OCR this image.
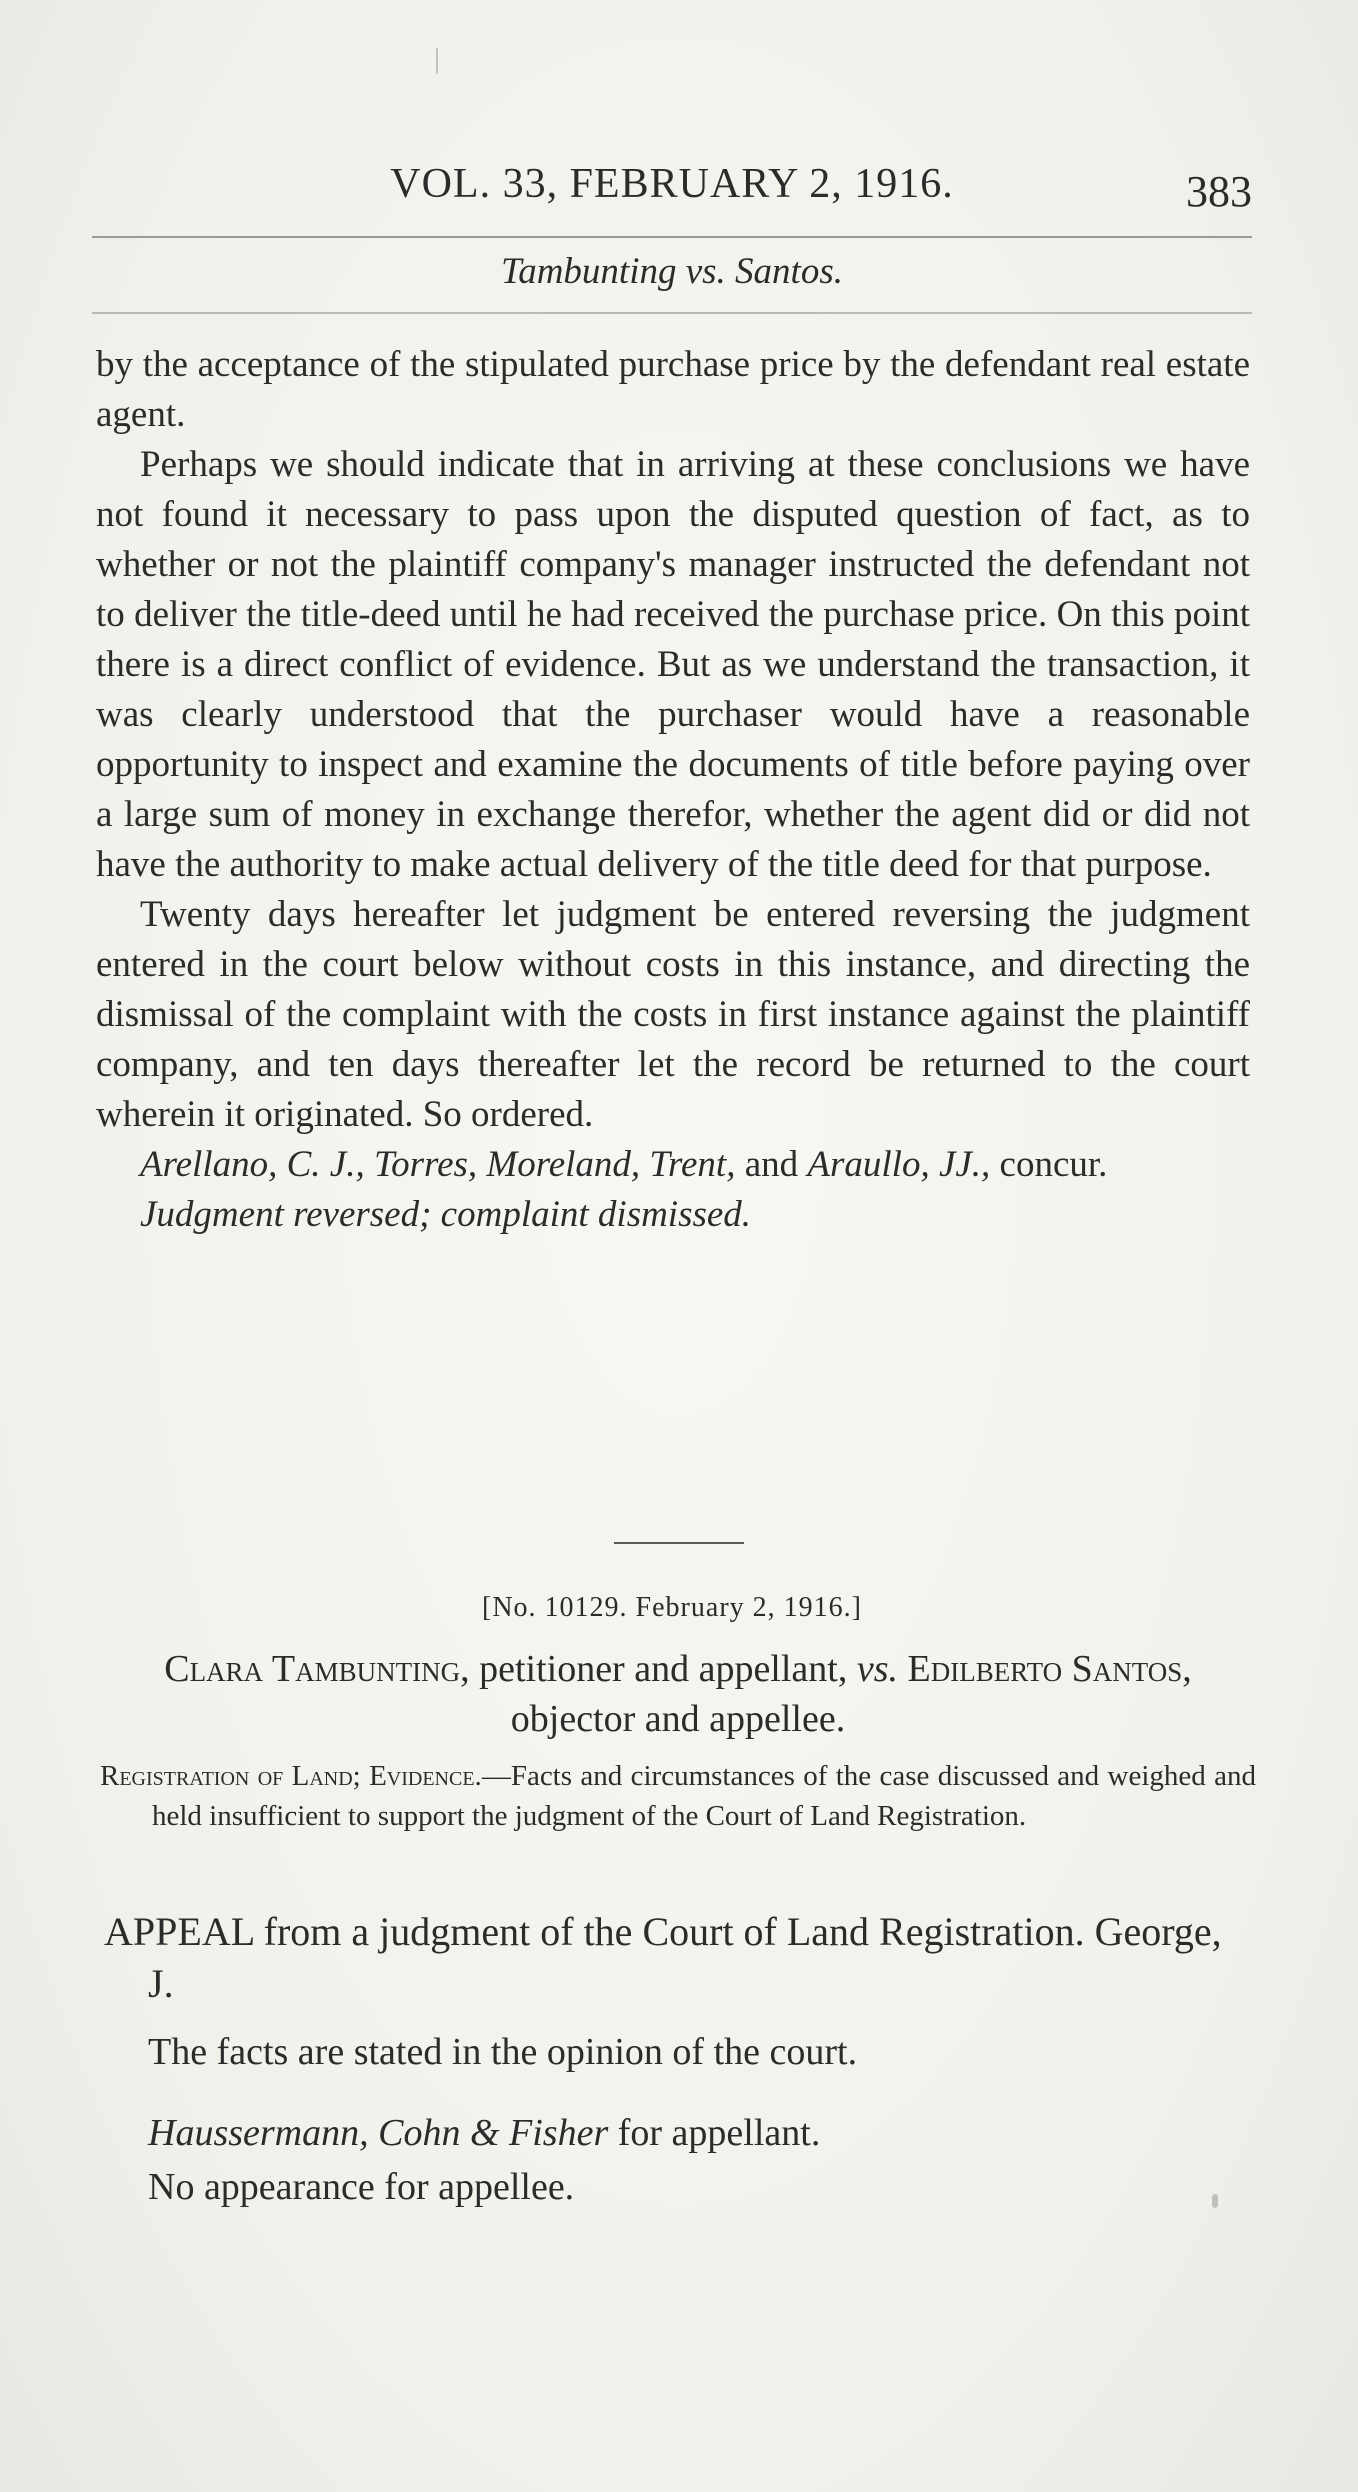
VOL. 33, FEBRUARY 2, 1916.	383
Tambunting vs. Santos.

by the acceptance of the stipulated purchase price by the defendant real estate agent.

Perhaps we should indicate that in arriving at these conclusions we have not found it necessary to pass upon the disputed question of fact, as to whether or not the plaintiff company's manager instructed the defendant not to deliver the title-deed until he had received the purchase price. On this point there is a direct conflict of evidence. But as we understand the transaction, it was clearly understood that the purchaser would have a reasonable opportunity to inspect and examine the documents of title before paying over a large sum of money in exchange therefor, whether the agent did or did not have the authority to make actual delivery of the title deed for that purpose.

Twenty days hereafter let judgment be entered reversing the judgment entered in the court below without costs in this instance, and directing the dismissal of the complaint with the costs in first instance against the plaintiff company, and ten days thereafter let the record be returned to the court wherein it originated. So ordered.

Arellano, C. J., Torres, Moreland, Trent, and Araullo, JJ., concur.

Judgment reversed; complaint dismissed.

[No. 10129. February 2, 1916.]
Clara Tambunting, petitioner and appellant, vs. Edilberto Santos, objector and appellee.
Registration of Land; Evidence.—Facts and circumstances of the case discussed and weighed and held insufficient to support the judgment of the Court of Land Registration.
APPEAL from a judgment of the Court of Land Registration. George, J.
The facts are stated in the opinion of the court.
Haussermann, Cohn & Fisher for appellant.
No appearance for appellee.
